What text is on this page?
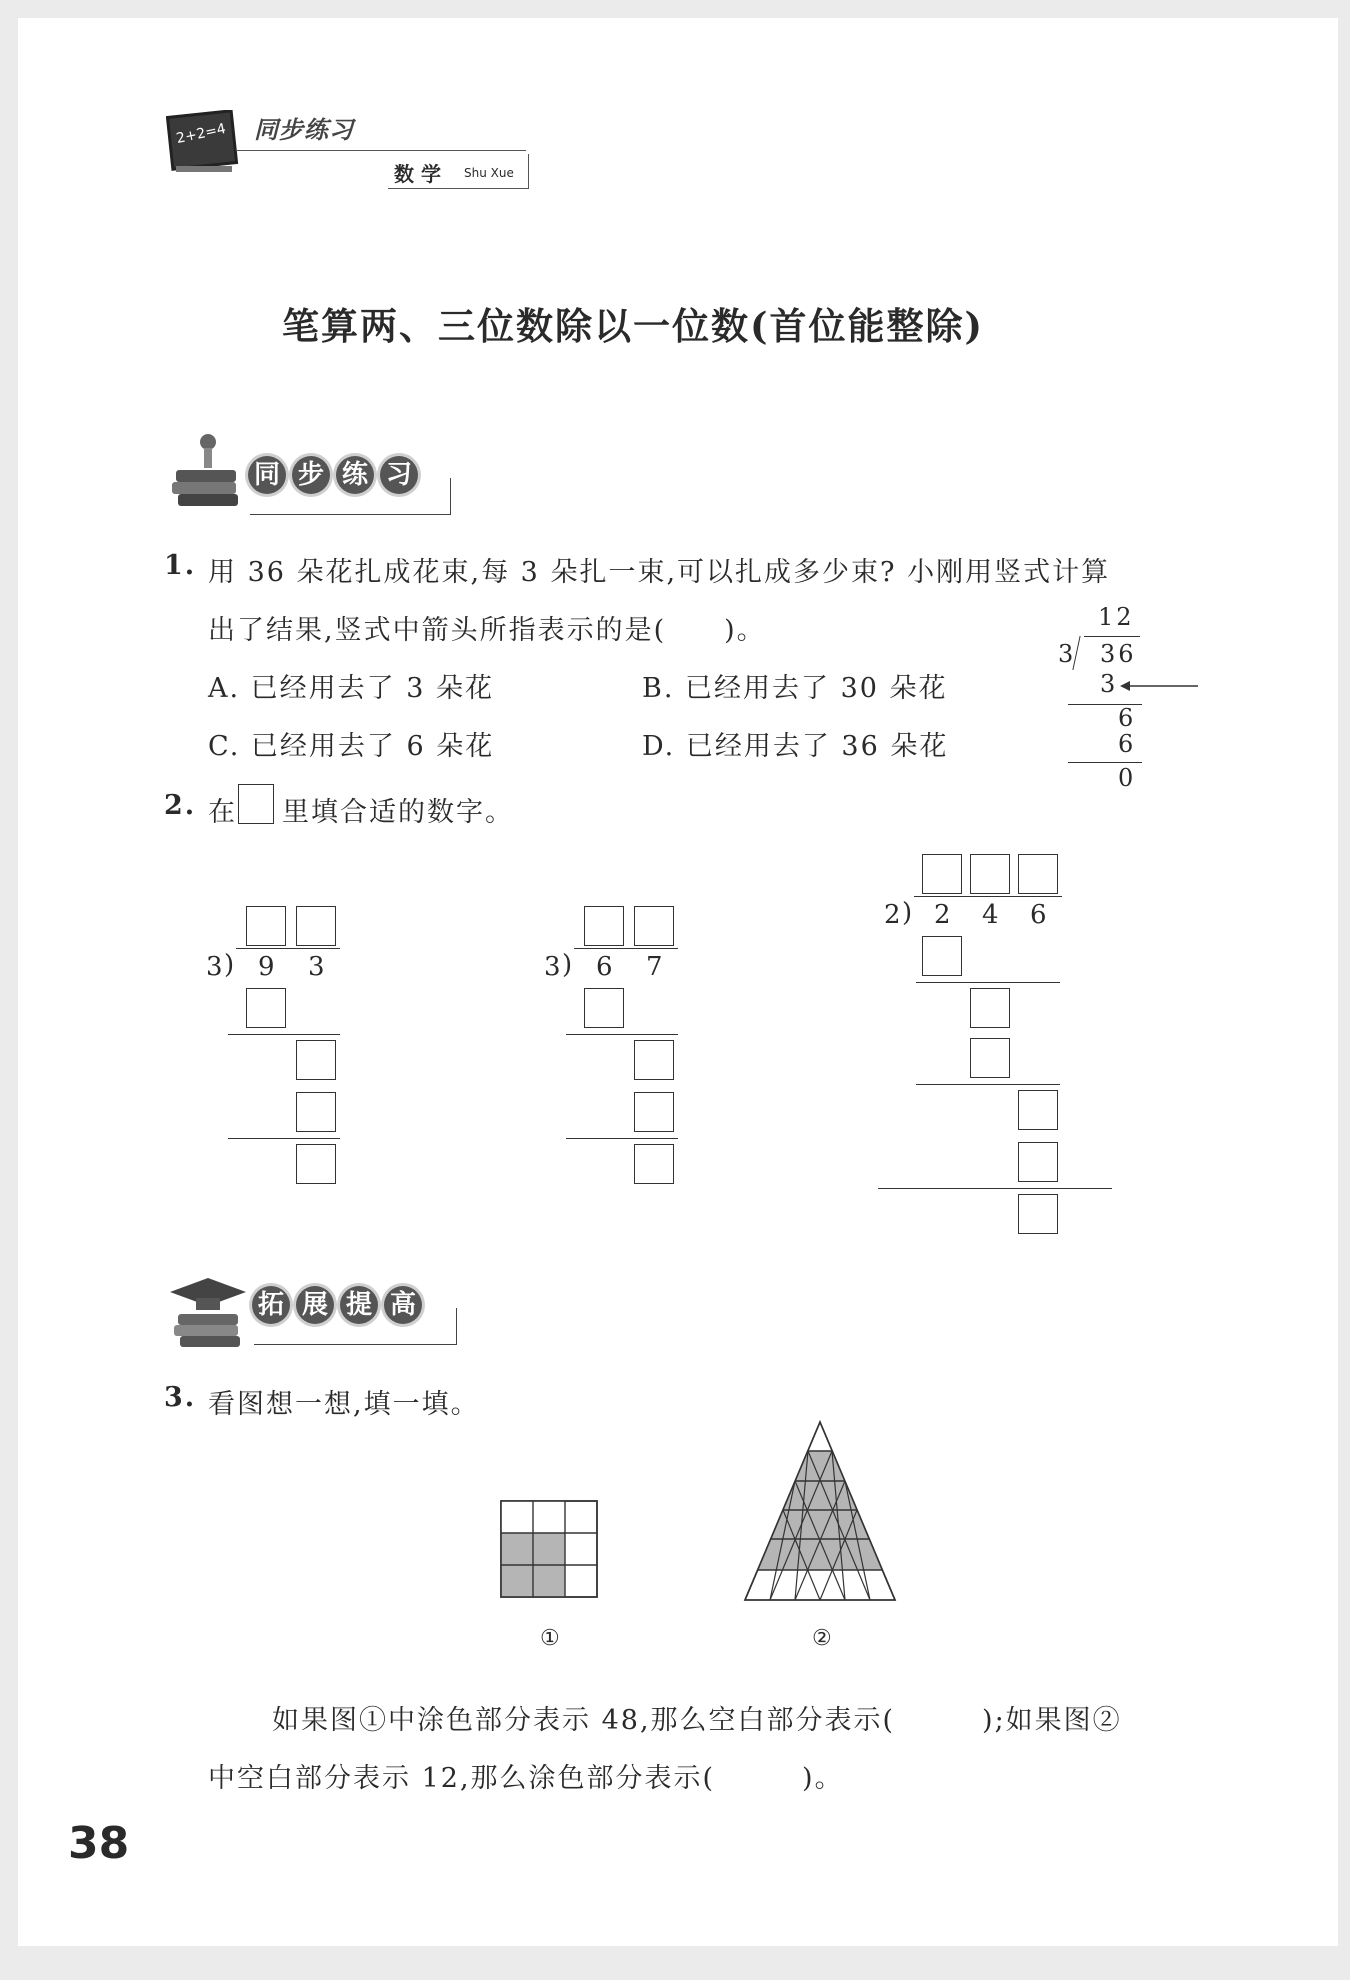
2+2=4 同步练习
数 学 Shu Xue
笔算两、三位数除以一位数(首位能整除)
同 步 练 习
1. 用 36 朵花扎成花束,每 3 朵扎一束,可以扎成多少束? 小刚用竖式计算
出了结果,竖式中箭头所指表示的是(　　)。
A. 已经用去了 3 朵花	B. 已经用去了 30 朵花
C. 已经用去了 6 朵花	D. 已经用去了 36 朵花
12
3 36
3
6
6
0
2. 在 里填合适的数字。
3 ) 9 3	3 ) 6 7
2 ) 2 4 6
拓 展 提 高
3. 看图想一想,填一填。
①	②
如果图①中涂色部分表示 48,那么空白部分表示(　　　);如果图②
中空白部分表示 12,那么涂色部分表示(　　　)。
38
